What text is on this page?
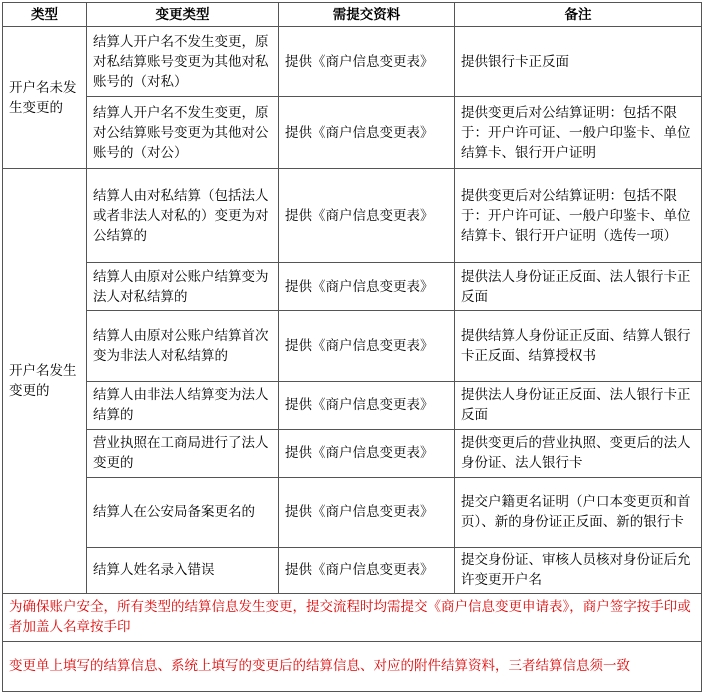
类型	变更类型	需提交资料	备注
开户名未发生变更的	结算人开户名不发生变更，原对私结算账号变更为其他对私账号的（对私）	提供《商户信息变更表》	提供银行卡正反面
	结算人开户名不发生变更，原对公结算账号变更为其他对公账号的（对公）	提供《商户信息变更表》	提供变更后对公结算证明：包括不限于：开户许可证、一般户印鉴卡、单位结算卡、银行开户证明
开户名发生变更的	结算人由对私结算（包括法人或者非法人对私的）变更为对公结算的	提供《商户信息变更表》	提供变更后对公结算证明：包括不限于：开户许可证、一般户印鉴卡、单位结算卡、银行开户证明（选传一项）
	结算人由原对公账户结算变为法人对私结算的	提供《商户信息变更表》	提供法人身份证正反面、法人银行卡正反面
	结算人由原对公账户结算首次变为非法人对私结算的	提供《商户信息变更表》	提供结算人身份证正反面、结算人银行卡正反面、结算授权书
	结算人由非法人结算变为法人结算的	提供《商户信息变更表》	提供法人身份证正反面、法人银行卡正反面
	营业执照在工商局进行了法人变更的	提供《商户信息变更表》	提供变更后的营业执照、变更后的法人身份证、法人银行卡
	结算人在公安局备案更名的	提供《商户信息变更表》	提交户籍更名证明（户口本变更页和首页）、新的身份证正反面、新的银行卡
	结算人姓名录入错误	提供《商户信息变更表》	提交身份证、审核人员核对身份证后允许变更开户名
为确保账户安全，所有类型的结算信息发生变更，提交流程时均需提交《商户信息变更申请表》，商户签字按手印或者加盖人名章按手印			
变更单上填写的结算信息、系统上填写的变更后的结算信息、对应的附件结算资料，三者结算信息须一致			
